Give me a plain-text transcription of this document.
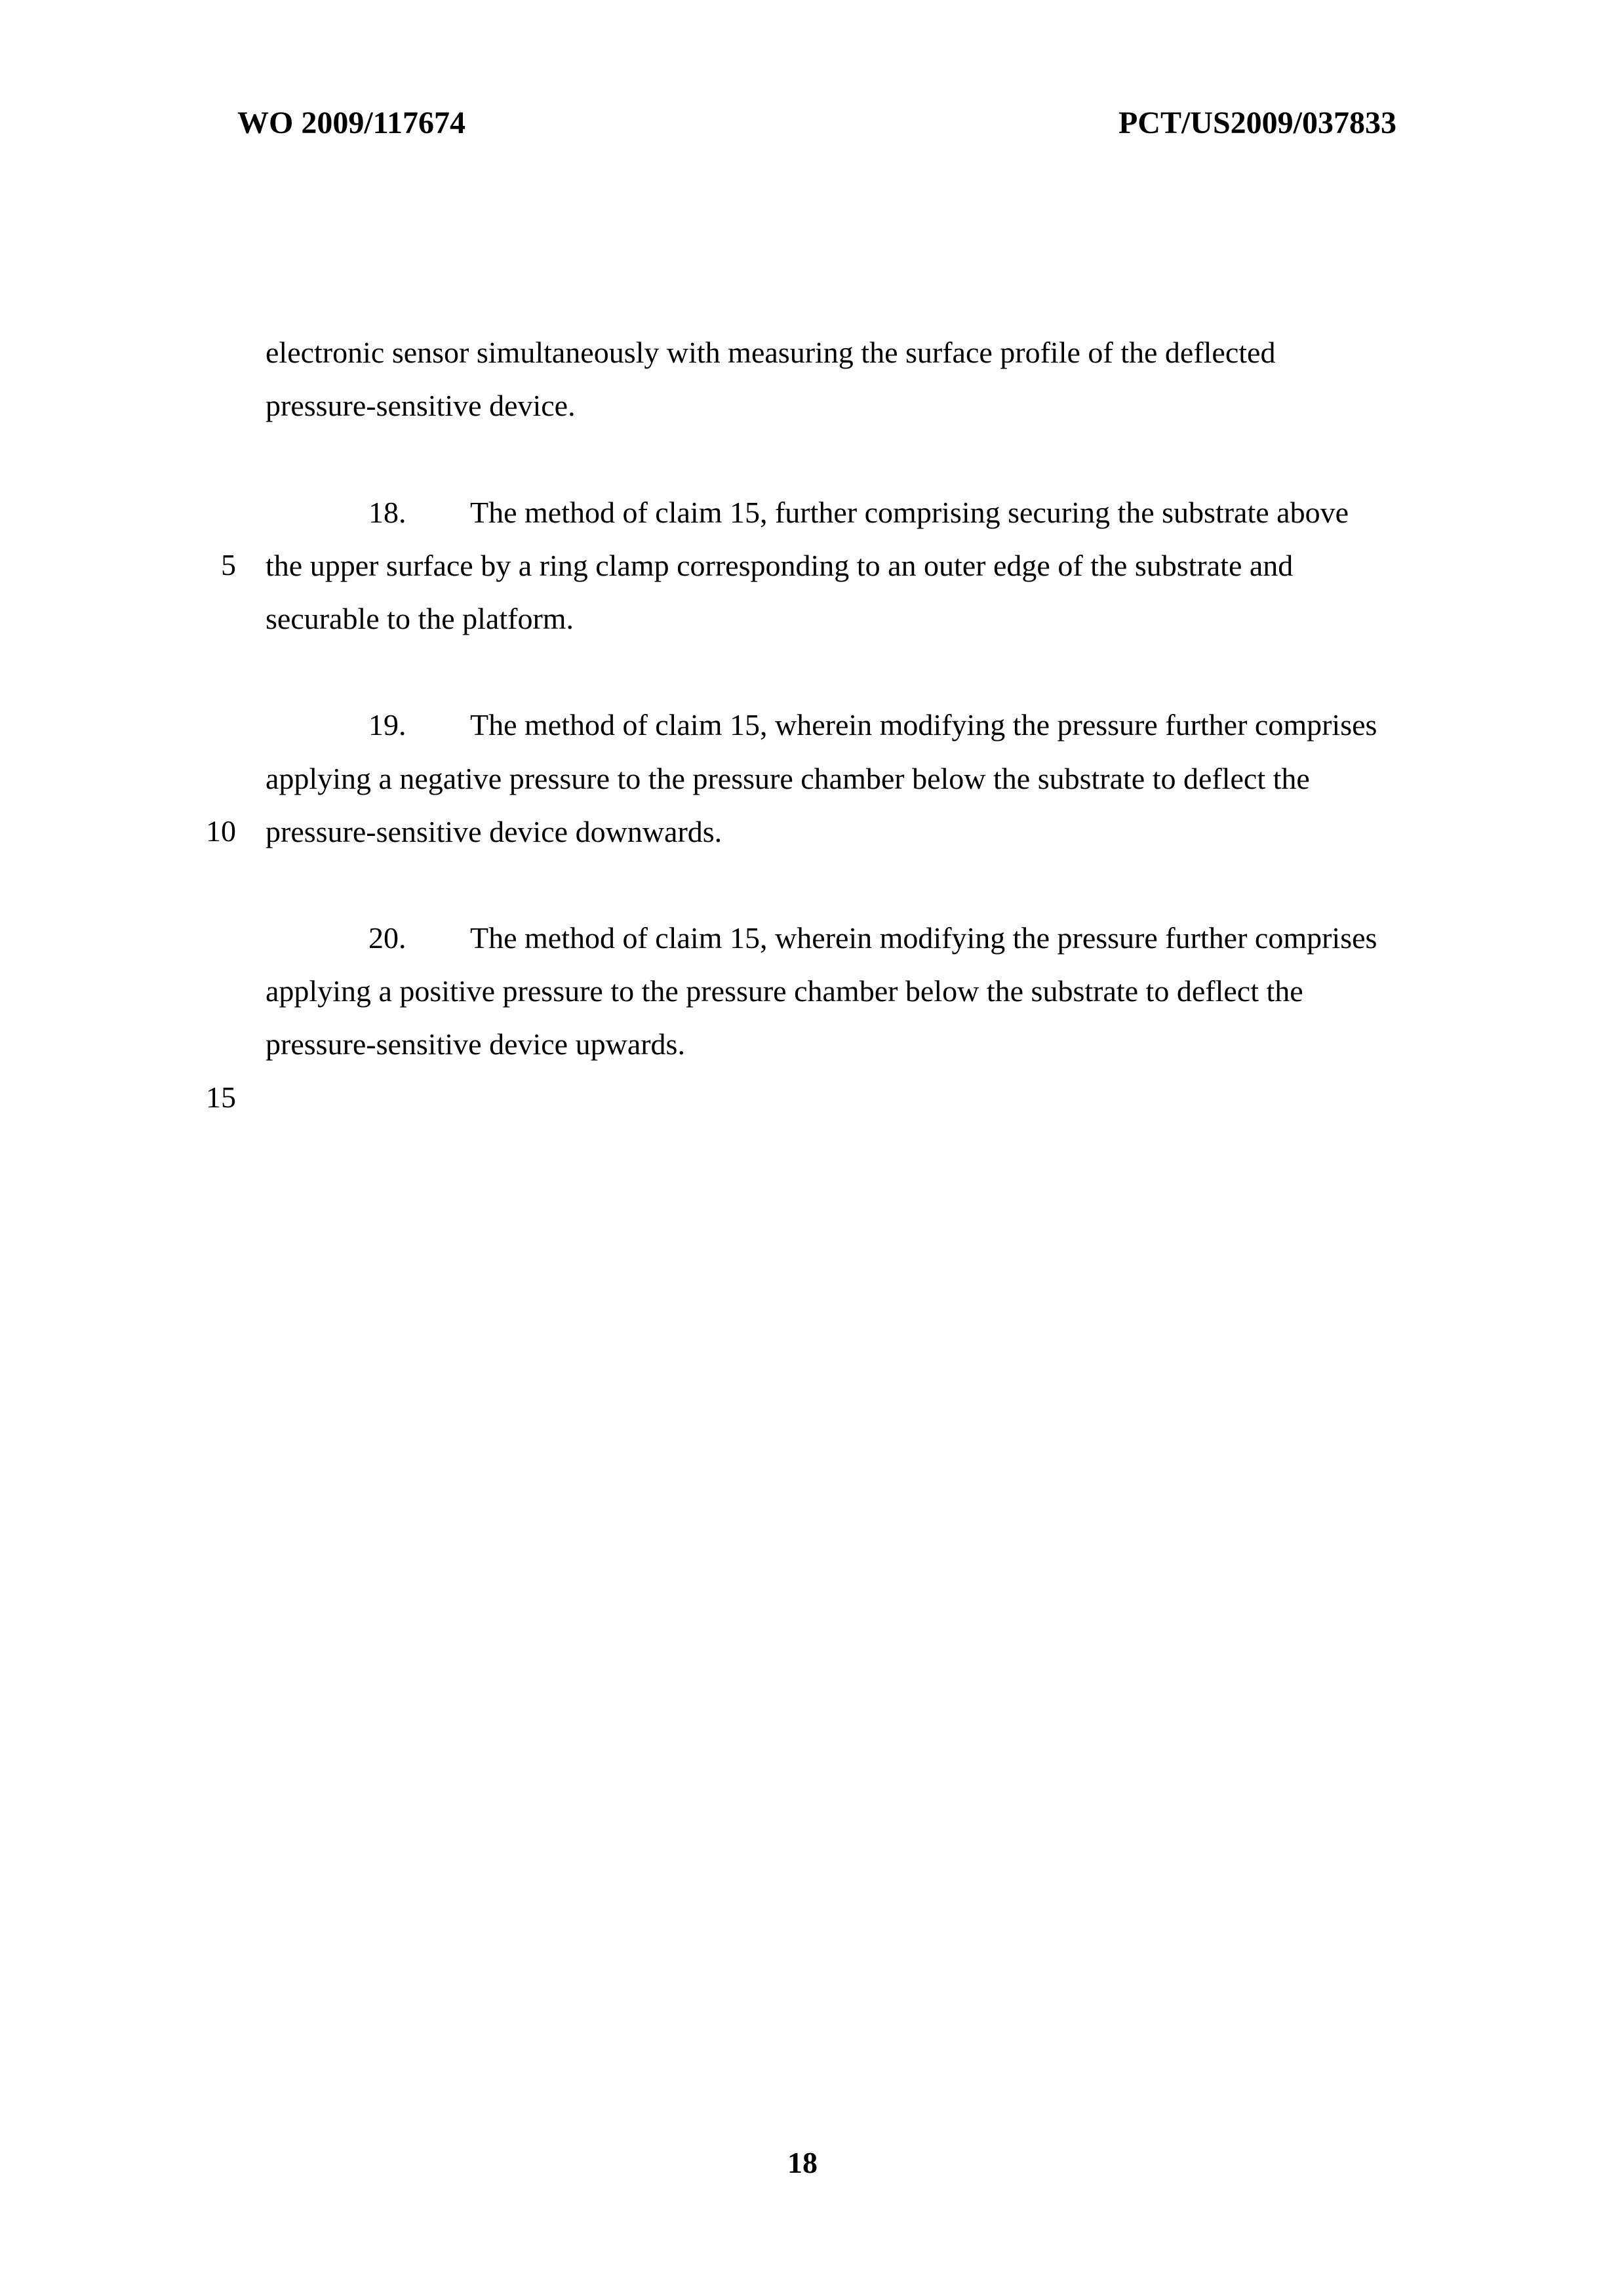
WO 2009/117674	PCT/US2009/037833
5
10
15
electronic sensor simultaneously with measuring the surface profile of the deflected
pressure-sensitive device.
18. The method of claim 15, further comprising securing the substrate above
the upper surface by a ring clamp corresponding to an outer edge of the substrate and
securable to the platform.
19. The method of claim 15, wherein modifying the pressure further comprises
applying a negative pressure to the pressure chamber below the substrate to deflect the
pressure-sensitive device downwards.
20. The method of claim 15, wherein modifying the pressure further comprises
applying a positive pressure to the pressure chamber below the substrate to deflect the
pressure-sensitive device upwards.
18
